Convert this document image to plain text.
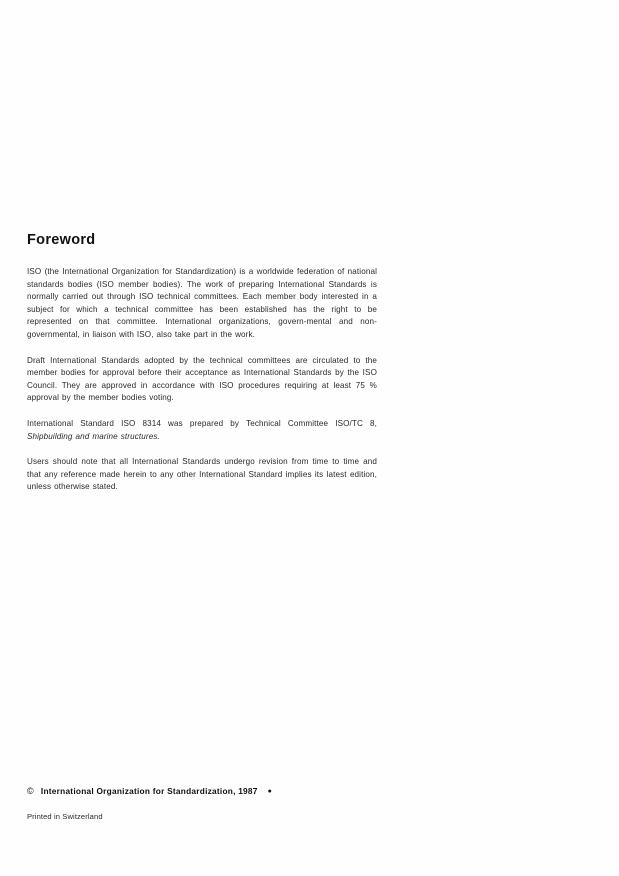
Foreword

ISO (the International Organization for Standardization) is a worldwide federation of national standards bodies (ISO member bodies). The work of preparing International Standards is normally carried out through ISO technical committees. Each member body interested in a subject for which a technical committee has been established has the right to be represented on that committee. International organizations, govern-mental and non-governmental, in liaison with ISO, also take part in the work.

Draft International Standards adopted by the technical committees are circulated to the member bodies for approval before their acceptance as International Standards by the ISO Council. They are approved in accordance with ISO procedures requiring at least 75 % approval by the member bodies voting.

International Standard ISO 8314 was prepared by Technical Committee ISO/TC 8, Shipbuilding and marine structures.

Users should note that all International Standards undergo revision from time to time and that any reference made herein to any other International Standard implies its latest edition, unless otherwise stated.

© International Organization for Standardization, 1987 ●
Printed in Switzerland
